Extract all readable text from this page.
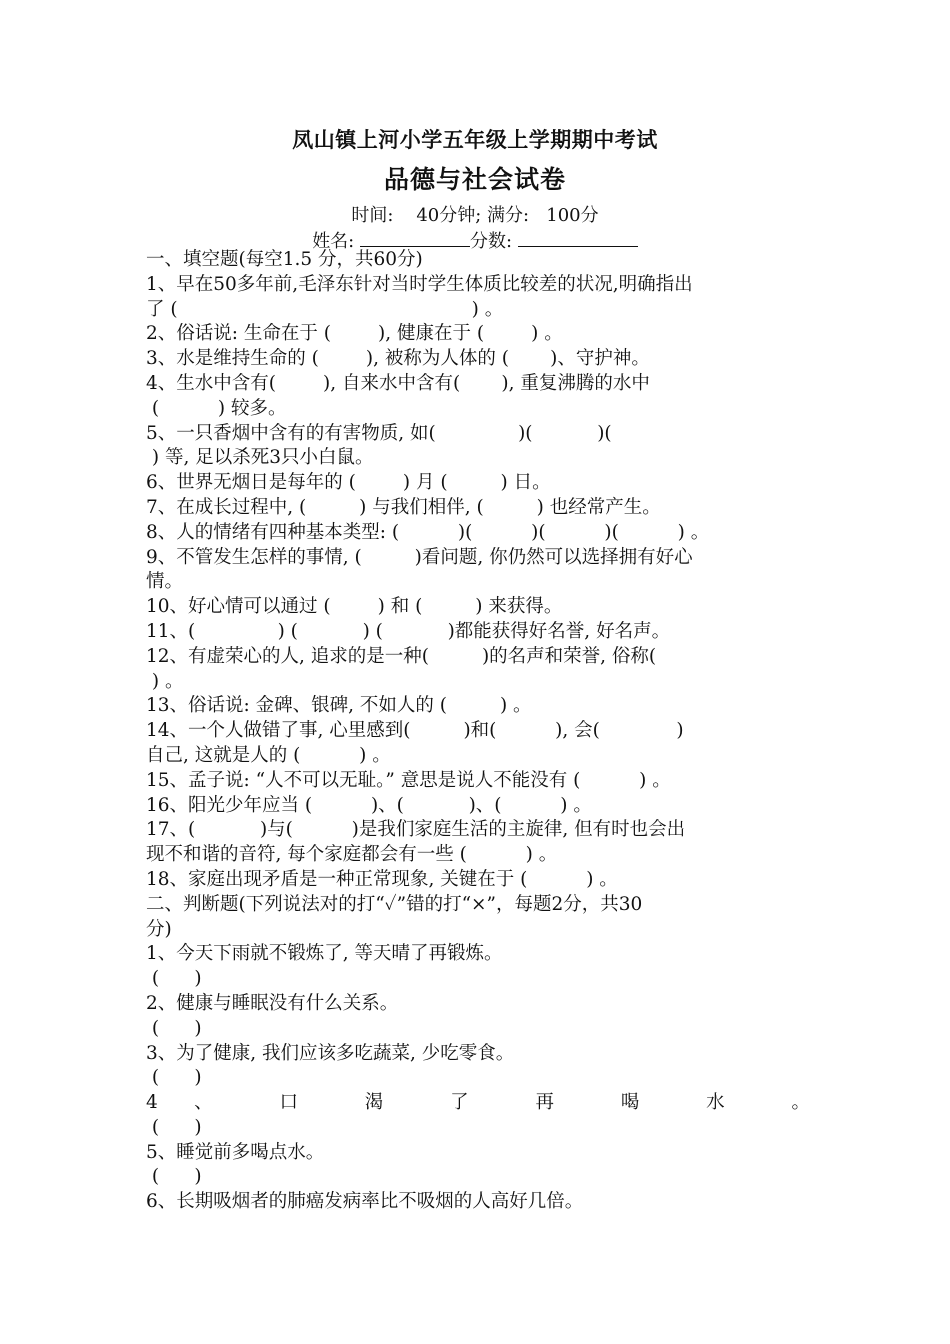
凤山镇上河小学五年级上学期期中考试
品德与社会试卷
时间:    40分钟; 满分:   100分
姓名:	分数:
一、填空题(每空1.5 分，共60分)
1、早在50多年前,毛泽东针对当时学生体质比较差的状况,明确指出
了 (                                                  ) 。
2、俗话说: 生命在于 (        ), 健康在于 (        ) 。
3、水是维持生命的 (        ), 被称为人体的 (       )、守护神。
4、生水中含有(        ), 自来水中含有(       ), 重复沸腾的水中
(          ) 较多。
5、一只香烟中含有的有害物质, 如(              )(           )(
) 等, 足以杀死3只小白鼠。
6、世界无烟日是每年的 (        ) 月 (         ) 日。
7、在成长过程中, (         ) 与我们相伴, (         ) 也经常产生。
8、人的情绪有四种基本类型: (          )(          )(          )(          ) 。
9、不管发生怎样的事情, (         )看问题, 你仍然可以选择拥有好心
情。
10、好心情可以通过 (        ) 和 (         ) 来获得。
11、(              ) (           ) (           )都能获得好名誉, 好名声。
12、有虚荣心的人, 追求的是一种(         )的名声和荣誉, 俗称(
) 。
13、俗话说: 金碑、银碑, 不如人的 (         ) 。
14、一个人做错了事, 心里感到(         )和(          ), 会(             )
自己, 这就是人的 (          ) 。
15、孟子说: “人不可以无耻。” 意思是说人不能没有 (          ) 。
16、阳光少年应当 (          )、(           )、(          ) 。
17、(           )与(          )是我们家庭生活的主旋律, 但有时也会出
现不和谐的音符, 每个家庭都会有一些 (          ) 。
18、家庭出现矛盾是一种正常现象, 关键在于 (          ) 。
二、判断题(下列说法对的打“✓”错的打“×”，每题2分，共30
分)
1、今天下雨就不锻炼了, 等天晴了再锻炼。
(      )
2、健康与睡眠没有什么关系。
(      )
3、为了健康, 我们应该多吃蔬菜, 少吃零食。
(      )
4 、 口 渴 了 再 喝 水 。
(      )
5、睡觉前多喝点水。
(      )
6、长期吸烟者的肺癌发病率比不吸烟的人高好几倍。
